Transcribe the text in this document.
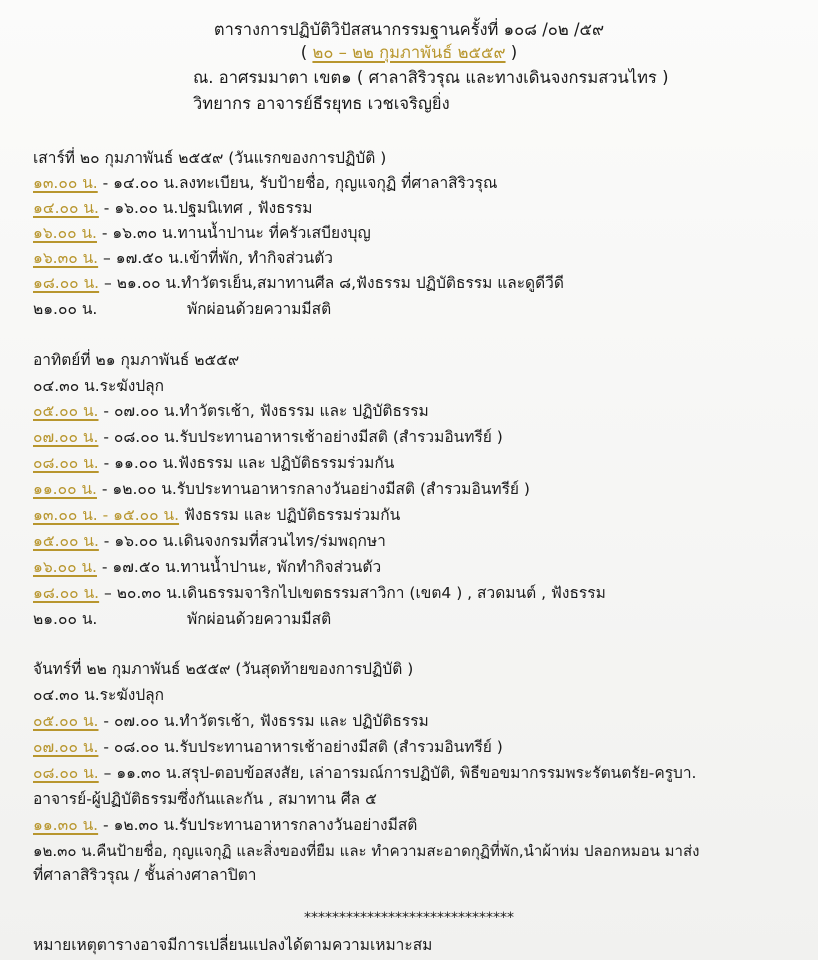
ตารางการปฏิบัติวิปัสสนากรรมฐานครั้งที่ ๑๐๘ /๐๒ /๕๙
( ๒๐ – ๒๒ กุมภาพันธ์ ๒๕๕๙ )
ณ. อาศรมมาตา เขต๑ ( ศาลาสิริวรุณ และทางเดินจงกรมสวนไทร )
วิทยากร อาจารย์ธีรยุทธ เวชเจริญยิ่ง
เสาร์ที่ ๒๐ กุมภาพันธ์ ๒๕๕๙ (วันแรกของการปฏิบัติ )
๑๓.๐๐ น. - ๑๔.๐๐ น.ลงทะเบียน, รับป้ายชื่อ, กุญแจกุฏิ ที่ศาลาสิริวรุณ
๑๔.๐๐ น. - ๑๖.๐๐ น.ปฐมนิเทศ , ฟังธรรม
๑๖.๐๐ น. - ๑๖.๓๐ น.ทานน้ำปานะ ที่ครัวเสบียงบุญ
๑๖.๓๐ น. – ๑๗.๕๐ น.เข้าที่พัก, ทำกิจส่วนตัว
๑๘.๐๐ น. – ๒๑.๐๐ น.ทำวัตรเย็น,สมาทานศีล ๘,ฟังธรรม ปฏิบัติธรรม และดูดีวีดี
๒๑.๐๐ น.	พักผ่อนด้วยความมีสติ
อาทิตย์ที่ ๒๑ กุมภาพันธ์ ๒๕๕๙
๐๔.๓๐ น.ระฆังปลุก
๐๕.๐๐ น. - ๐๗.๐๐ น.ทำวัตรเช้า, ฟังธรรม และ ปฏิบัติธรรม
๐๗.๐๐ น. - ๐๘.๐๐ น.รับประทานอาหารเช้าอย่างมีสติ (สำรวมอินทรีย์ )
๐๘.๐๐ น. - ๑๑.๐๐ น.ฟังธรรม และ ปฏิบัติธรรมร่วมกัน
๑๑.๐๐ น. - ๑๒.๐๐ น.รับประทานอาหารกลางวันอย่างมีสติ (สำรวมอินทรีย์ )
๑๓.๐๐ น. - ๑๕.๐๐ น. ฟังธรรม และ ปฏิบัติธรรมร่วมกัน
๑๕.๐๐ น. - ๑๖.๐๐ น.เดินจงกรมที่สวนไทร/ร่มพฤกษา
๑๖.๐๐ น. - ๑๗.๕๐ น.ทานน้ำปานะ, พักทำกิจส่วนตัว
๑๘.๐๐ น. – ๒๐.๓๐ น.เดินธรรมจาริกไปเขตธรรมสาวิกา (เขต4 ) , สวดมนต์ , ฟังธรรม
๒๑.๐๐ น.	พักผ่อนด้วยความมีสติ
จันทร์ที่ ๒๒ กุมภาพันธ์ ๒๕๕๙ (วันสุดท้ายของการปฏิบัติ )
๐๔.๓๐ น.ระฆังปลุก
๐๕.๐๐ น. - ๐๗.๐๐ น.ทำวัตรเช้า, ฟังธรรม และ ปฏิบัติธรรม
๐๗.๐๐ น. - ๐๘.๐๐ น.รับประทานอาหารเช้าอย่างมีสติ (สำรวมอินทรีย์ )
๐๘.๐๐ น. – ๑๑.๓๐ น.สรุป-ตอบข้อสงสัย, เล่าอารมณ์การปฏิบัติ, พิธีขอขมากรรมพระรัตนตรัย-ครูบา.
อาจารย์-ผู้ปฏิบัติธรรมซึ่งกันและกัน , สมาทาน ศีล ๕
๑๑.๓๐ น. - ๑๒.๓๐ น.รับประทานอาหารกลางวันอย่างมีสติ
๑๒.๓๐ น.คืนป้ายชื่อ, กุญแจกุฏิ และสิ่งของที่ยืม และ ทำความสะอาดกุฏิที่พัก,นำผ้าห่ม ปลอกหมอน มาส่ง
ที่ศาลาสิริวรุณ / ชั้นล่างศาลาปิตา
******************************
หมายเหตุตารางอาจมีการเปลี่ยนแปลงได้ตามความเหมาะสม
